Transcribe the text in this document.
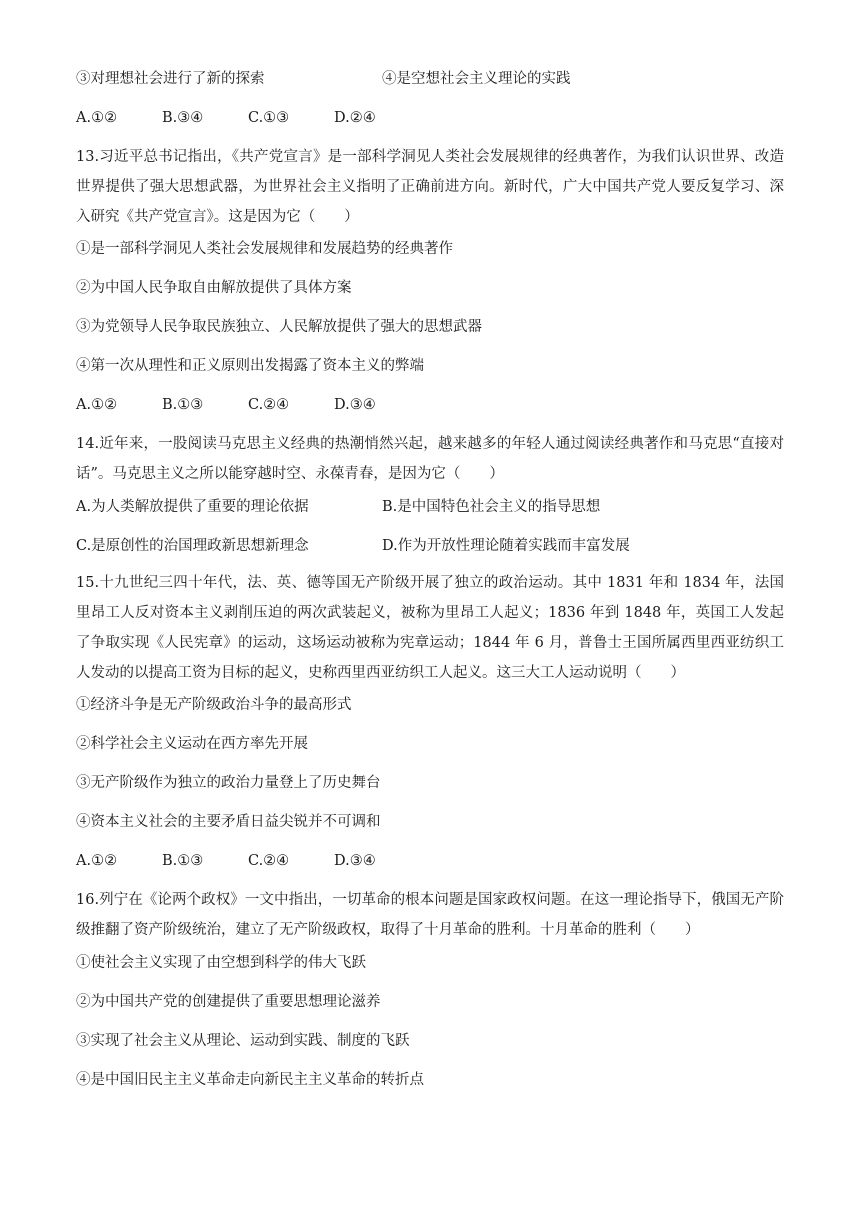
③对理想社会进行了新的探索	④是空想社会主义理论的实践
A.①②	B.③④	C.①③	D.②④
13.习近平总书记指出，《共产党宣言》是一部科学洞见人类社会发展规律的经典著作，为我们认识世界、改造世界提供了强大思想武器，为世界社会主义指明了正确前进方向。新时代，广大中国共产党人要反复学习、深入研究《共产党宣言》。这是因为它（　　）
①是一部科学洞见人类社会发展规律和发展趋势的经典著作
②为中国人民争取自由解放提供了具体方案
③为党领导人民争取民族独立、人民解放提供了强大的思想武器
④第一次从理性和正义原则出发揭露了资本主义的弊端
A.①②	B.①③	C.②④	D.③④
14.近年来，一股阅读马克思主义经典的热潮悄然兴起，越来越多的年轻人通过阅读经典著作和马克思“直接对话”。马克思主义之所以能穿越时空、永葆青春，是因为它（　　）
A.为人类解放提供了重要的理论依据	B.是中国特色社会主义的指导思想
C.是原创性的治国理政新思想新理念	D.作为开放性理论随着实践而丰富发展
15.十九世纪三四十年代，法、英、德等国无产阶级开展了独立的政治运动。其中 1831 年和 1834 年，法国里昂工人反对资本主义剥削压迫的两次武装起义，被称为里昂工人起义；1836 年到 1848 年，英国工人发起了争取实现《人民宪章》的运动，这场运动被称为宪章运动；1844 年 6 月，普鲁士王国所属西里西亚纺织工人发动的以提高工资为目标的起义，史称西里西亚纺织工人起义。这三大工人运动说明（　　）
①经济斗争是无产阶级政治斗争的最高形式
②科学社会主义运动在西方率先开展
③无产阶级作为独立的政治力量登上了历史舞台
④资本主义社会的主要矛盾日益尖锐并不可调和
A.①②	B.①③	C.②④	D.③④
16.列宁在《论两个政权》一文中指出，一切革命的根本问题是国家政权问题。在这一理论指导下，俄国无产阶级推翻了资产阶级统治，建立了无产阶级政权，取得了十月革命的胜利。十月革命的胜利（　　）
①使社会主义实现了由空想到科学的伟大飞跃
②为中国共产党的创建提供了重要思想理论滋养
③实现了社会主义从理论、运动到实践、制度的飞跃
④是中国旧民主主义革命走向新民主主义革命的转折点
